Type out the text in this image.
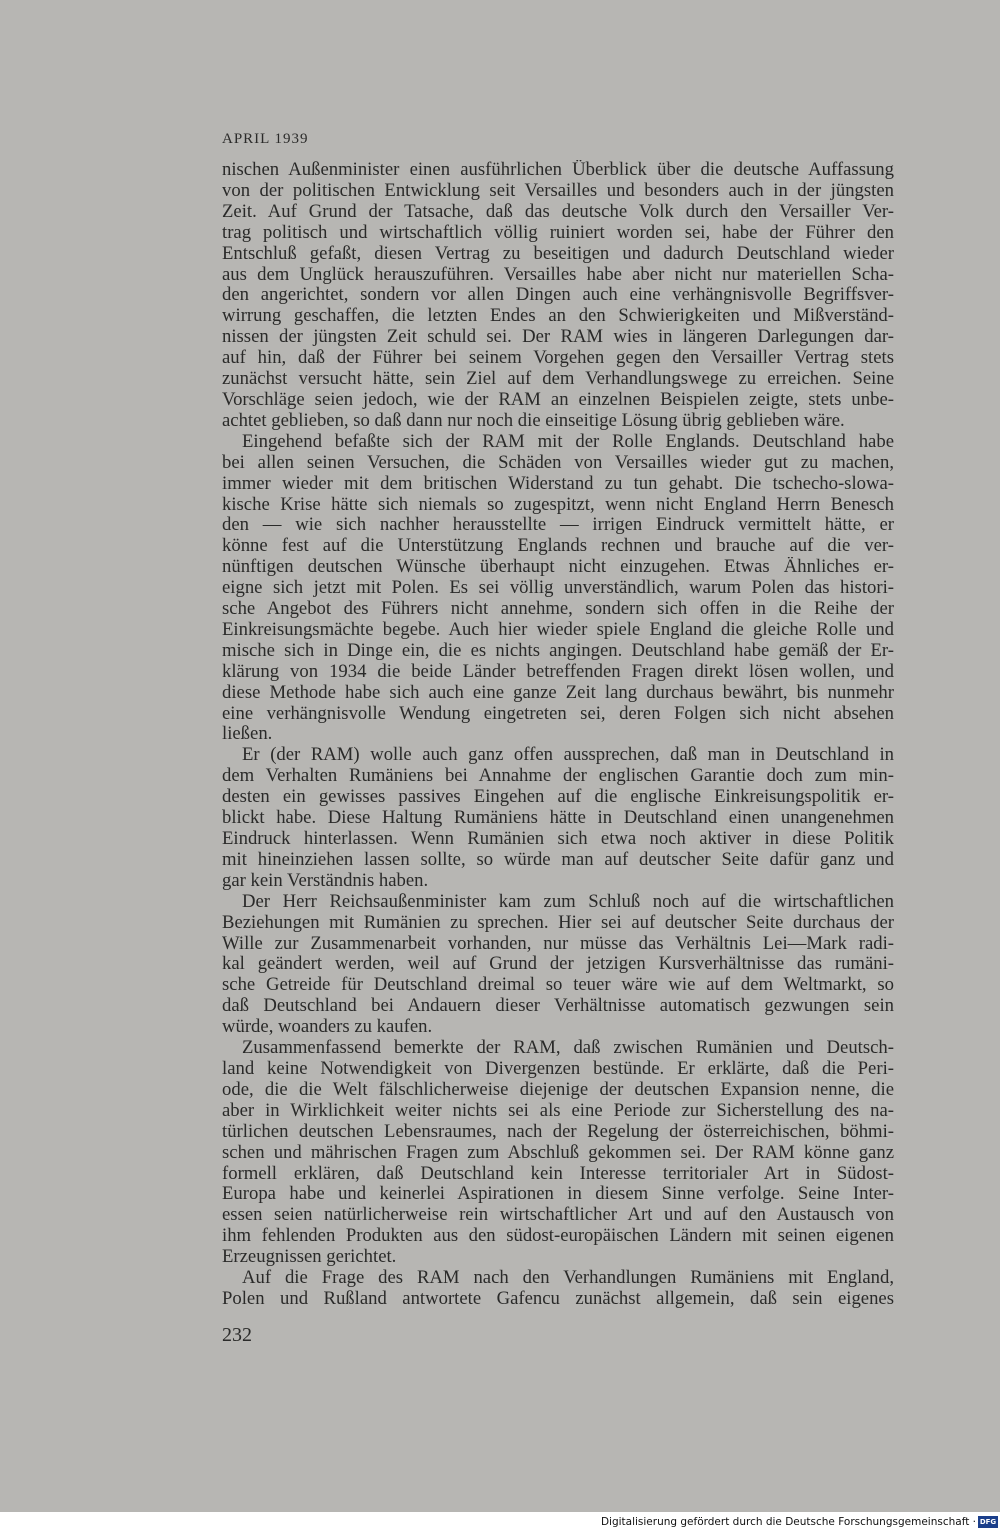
APRIL 1939
nischen Außenminister einen ausführlichen Überblick über die deutsche Auffassung
von der politischen Entwicklung seit Versailles und besonders auch in der jüngsten
Zeit. Auf Grund der Tatsache, daß das deutsche Volk durch den Versailler Ver-
trag politisch und wirtschaftlich völlig ruiniert worden sei, habe der Führer den
Entschluß gefaßt, diesen Vertrag zu beseitigen und dadurch Deutschland wieder
aus dem Unglück herauszuführen. Versailles habe aber nicht nur materiellen Scha-
den angerichtet, sondern vor allen Dingen auch eine verhängnisvolle Begriffsver-
wirrung geschaffen, die letzten Endes an den Schwierigkeiten und Mißverständ-
nissen der jüngsten Zeit schuld sei. Der RAM wies in längeren Darlegungen dar-
auf hin, daß der Führer bei seinem Vorgehen gegen den Versailler Vertrag stets
zunächst versucht hätte, sein Ziel auf dem Verhandlungswege zu erreichen. Seine
Vorschläge seien jedoch, wie der RAM an einzelnen Beispielen zeigte, stets unbe-
achtet geblieben, so daß dann nur noch die einseitige Lösung übrig geblieben wäre.
Eingehend befaßte sich der RAM mit der Rolle Englands. Deutschland habe
bei allen seinen Versuchen, die Schäden von Versailles wieder gut zu machen,
immer wieder mit dem britischen Widerstand zu tun gehabt. Die tschecho-slowa-
kische Krise hätte sich niemals so zugespitzt, wenn nicht England Herrn Benesch
den — wie sich nachher herausstellte — irrigen Eindruck vermittelt hätte, er
könne fest auf die Unterstützung Englands rechnen und brauche auf die ver-
nünftigen deutschen Wünsche überhaupt nicht einzugehen. Etwas Ähnliches er-
eigne sich jetzt mit Polen. Es sei völlig unverständlich, warum Polen das histori-
sche Angebot des Führers nicht annehme, sondern sich offen in die Reihe der
Einkreisungsmächte begebe. Auch hier wieder spiele England die gleiche Rolle und
mische sich in Dinge ein, die es nichts angingen. Deutschland habe gemäß der Er-
klärung von 1934 die beide Länder betreffenden Fragen direkt lösen wollen, und
diese Methode habe sich auch eine ganze Zeit lang durchaus bewährt, bis nunmehr
eine verhängnisvolle Wendung eingetreten sei, deren Folgen sich nicht absehen
ließen.
Er (der RAM) wolle auch ganz offen aussprechen, daß man in Deutschland in
dem Verhalten Rumäniens bei Annahme der englischen Garantie doch zum min-
desten ein gewisses passives Eingehen auf die englische Einkreisungspolitik er-
blickt habe. Diese Haltung Rumäniens hätte in Deutschland einen unangenehmen
Eindruck hinterlassen. Wenn Rumänien sich etwa noch aktiver in diese Politik
mit hineinziehen lassen sollte, so würde man auf deutscher Seite dafür ganz und
gar kein Verständnis haben.
Der Herr Reichsaußenminister kam zum Schluß noch auf die wirtschaftlichen
Beziehungen mit Rumänien zu sprechen. Hier sei auf deutscher Seite durchaus der
Wille zur Zusammenarbeit vorhanden, nur müsse das Verhältnis Lei—Mark radi-
kal geändert werden, weil auf Grund der jetzigen Kursverhältnisse das rumäni-
sche Getreide für Deutschland dreimal so teuer wäre wie auf dem Weltmarkt, so
daß Deutschland bei Andauern dieser Verhältnisse automatisch gezwungen sein
würde, woanders zu kaufen.
Zusammenfassend bemerkte der RAM, daß zwischen Rumänien und Deutsch-
land keine Notwendigkeit von Divergenzen bestünde. Er erklärte, daß die Peri-
ode, die die Welt fälschlicherweise diejenige der deutschen Expansion nenne, die
aber in Wirklichkeit weiter nichts sei als eine Periode zur Sicherstellung des na-
türlichen deutschen Lebensraumes, nach der Regelung der österreichischen, böhmi-
schen und mährischen Fragen zum Abschluß gekommen sei. Der RAM könne ganz
formell erklären, daß Deutschland kein Interesse territorialer Art in Südost-
Europa habe und keinerlei Aspirationen in diesem Sinne verfolge. Seine Inter-
essen seien natürlicherweise rein wirtschaftlicher Art und auf den Austausch von
ihm fehlenden Produkten aus den südost-europäischen Ländern mit seinen eigenen
Erzeugnissen gerichtet.
Auf die Frage des RAM nach den Verhandlungen Rumäniens mit England,
Polen und Rußland antwortete Gafencu zunächst allgemein, daß sein eigenes
232
Digitalisierung gefördert durch die Deutsche Forschungsgemeinschaft · DFG
